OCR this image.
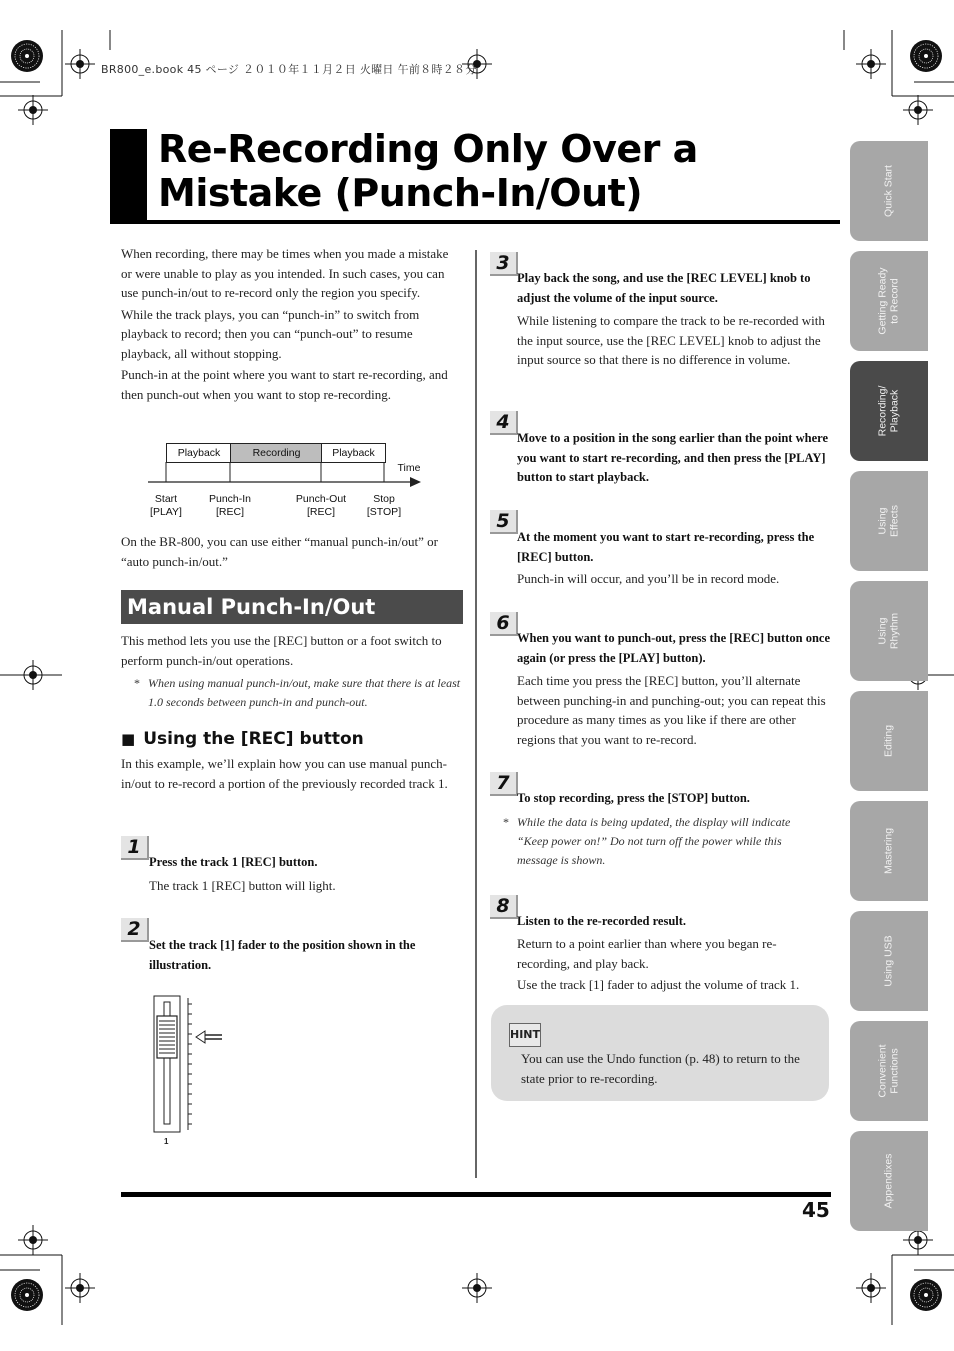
BR800_e.book 45 ページ ２０１０年１１月２日 火曜日 午前８時２８分
Re-Recording Only Over a
Mistake (Punch-In/Out)

When recording, there may be times when you made a mistake or were unable to play as you intended. In such cases, you can use punch-in/out to re-record only the region you specify.

While the track plays, you can “punch-in” to switch from playback to record; then you can “punch-out” to resume playback, all without stopping.

Punch-in at the point where you want to start re-recording, and then punch-out when you want to stop re-recording.

Playback	Recording	Playback
Time
Start
[PLAY]
Punch-In
[REC]
Punch-Out
[REC]
Stop
[STOP]

On the BR-800, you can use either “manual punch-in/out” or “auto punch-in/out.”

Manual Punch-In/Out

This method lets you use the [REC] button or a foot switch to perform punch-in/out operations.

* When using manual punch-in/out, make sure that there is at least 1.0 seconds between punch-in and punch-out.
■ Using the [REC] button

In this example, we’ll explain how you can use manual punch-in/out to re-record a portion of the previously recorded track 1.

1
Press the track 1 [REC] button.
The track 1 [REC] button will light.
2
Set the track [1] fader to the position shown in the illustration.
1
3
Play back the song, and use the [REC LEVEL] knob to adjust the volume of the input source.
While listening to compare the track to be re-recorded with the input source, use the [REC LEVEL] knob to adjust the input source so that there is no difference in volume.
4
Move to a position in the song earlier than the point where you want to start re-recording, and then press the [PLAY] button to start playback.
5
At the moment you want to start re-recording, press the [REC] button.
Punch-in will occur, and you’ll be in record mode.
6
When you want to punch-out, press the [REC] button once again (or press the [PLAY] button).
Each time you press the [REC] button, you’ll alternate between punching-in and punching-out; you can repeat this procedure as many times as you like if there are other regions that you want to re-record.
7
To stop recording, press the [STOP] button.
* While the data is being updated, the display will indicate “Keep power on!” Do not turn off the power while this message is shown.
8
Listen to the re-recorded result.
Return to a point earlier than where you began re-recording, and play back.
Use the track [1] fader to adjust the volume of track 1.
HINT
You can use the Undo function (p. 48) to return to the state prior to re-recording.
45
Quick Start
Getting Ready
to Record
Recording/
Playback
Using
Effects
Using
Rhythm
Editing
Mastering
Using USB
Convenient
Functions
Appendixes
